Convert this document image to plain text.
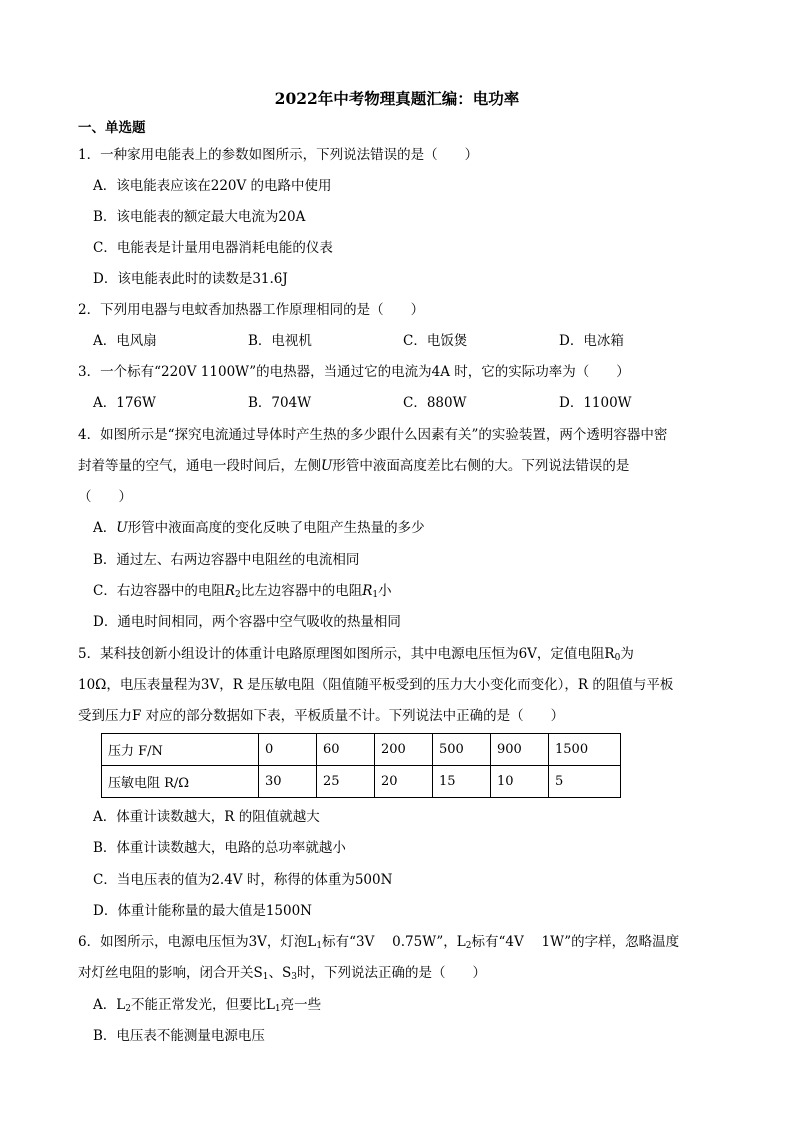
2022年中考物理真题汇编：电功率
一、单选题
1．一种家用电能表上的参数如图所示，下列说法错误的是（　　）
A．该电能表应该在220V 的电路中使用
B．该电能表的额定最大电流为20A
C．电能表是计量用电器消耗电能的仪表
D．该电能表此时的读数是31.6J
2．下列用电器与电蚊香加热器工作原理相同的是（　　）
A．电风扇	B．电视机	C．电饭煲	D．电冰箱
3．一个标有“220V 1100W”的电热器，当通过它的电流为4A 时，它的实际功率为（　　）
A．176W	B．704W	C．880W	D．1100W
4．如图所示是“探究电流通过导体时产生热的多少跟什么因素有关”的实验装置，两个透明容器中密
封着等量的空气，通电一段时间后，左侧U形管中液面高度差比右侧的大。下列说法错误的是
（　　）
A．U形管中液面高度的变化反映了电阻产生热量的多少
B．通过左、右两边容器中电阻丝的电流相同
C．右边容器中的电阻$R_2$比左边容器中的电阻$R_1$小
D．通电时间相同，两个容器中空气吸收的热量相同
5．某科技创新小组设计的体重计电路原理图如图所示，其中电源电压恒为6V，定值电阻$R_0$为
10Ω，电压表量程为3V，R 是压敏电阻（阻值随平板受到的压力大小变化而变化），R 的阻值与平板
受到压力F 对应的部分数据如下表，平板质量不计。下列说法中正确的是（　　）
压力 F/N	0	60	200	500	900	1500
压敏电阻 R/Ω	30	25	20	15	10	5
A．体重计读数越大，R 的阻值就越大
B．体重计读数越大，电路的总功率就越小
C．当电压表的值为2.4V 时，称得的体重为500N
D．体重计能称量的最大值是1500N
6．如图所示，电源电压恒为3V，灯泡$L_1$标有“3V　 0.75W”，$L_2$标有“4V　 1W”的字样，忽略温度
对灯丝电阻的影响，闭合开关$S_1$、$S_3$时，下列说法正确的是（　　）
A．$L_2$不能正常发光，但要比$L_1$亮一些
B．电压表不能测量电源电压
